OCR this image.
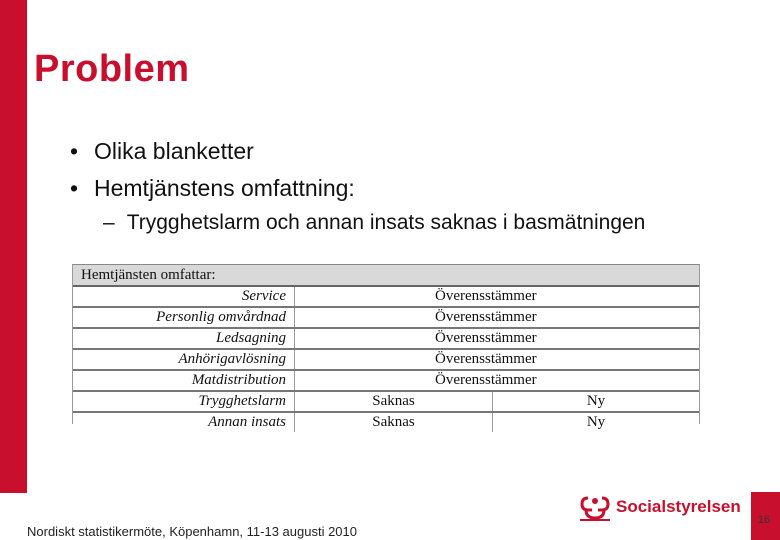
Problem
• Olika blanketter
• Hemtjänstens omfattning:
– Trygghetslarm och annan insats saknas i basmätningen
Hemtjänsten omfattar:
Service	Överensstämmer
Personlig omvårdnad	Överensstämmer
Ledsagning	Överensstämmer
Anhörigavlösning	Överensstämmer
Matdistribution	Överensstämmer
Trygghetslarm	Saknas	Ny
Annan insats	Saknas	Ny
Nordiskt statistikermöte, Köpenhamn, 11-13 augusti 2010
Socialstyrelsen
16
